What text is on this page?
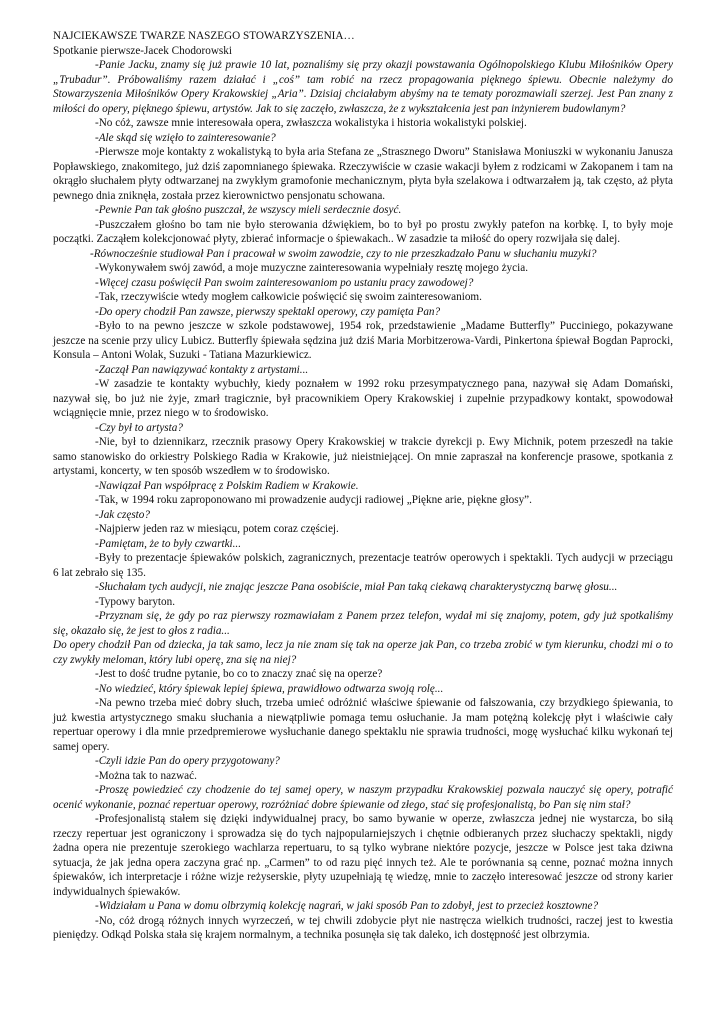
NAJCIEKAWSZE TWARZE NASZEGO STOWARZYSZENIA…

Spotkanie pierwsze-Jacek Chodorowski

-Panie Jacku, znamy się już prawie 10 lat, poznaliśmy się przy okazji powstawania Ogólnopolskiego Klubu Miłośników Opery „Trubadur”. Próbowaliśmy razem działać i „coś” tam robić na rzecz propagowania pięknego śpiewu. Obecnie należymy do Stowarzyszenia Miłośników Opery Krakowskiej „Aria”. Dzisiaj chciałabym abyśmy na te tematy porozmawiali szerzej. Jest Pan znany z miłości do opery, pięknego śpiewu, artystów. Jak to się zaczęło, zwłaszcza, że z wykształcenia jest pan inżynierem budowlanym?

-No cóż, zawsze mnie interesowała opera, zwłaszcza wokalistyka i historia wokalistyki polskiej.

-Ale skąd się wzięło to zainteresowanie?

-Pierwsze moje kontakty z wokalistyką to była aria Stefana ze „Strasznego Dworu” Stanisława Moniuszki w wykonaniu Janusza Popławskiego, znakomitego, już dziś zapomnianego śpiewaka. Rzeczywiście w czasie wakacji byłem z rodzicami w Zakopanem i tam na okrągło słuchałem płyty odtwarzanej na zwykłym gramofonie mechanicznym, płyta była szelakowa i odtwarzałem ją, tak często, aż płyta pewnego dnia zniknęła, została przez kierownictwo pensjonatu schowana.

-Pewnie Pan tak głośno puszczał, że wszyscy mieli serdecznie dosyć.

-Puszczałem głośno bo tam nie było sterowania dźwiękiem, bo to był po prostu zwykły patefon na korbkę. I, to były moje początki. Zacząłem kolekcjonować płyty, zbierać informacje o śpiewakach.. W zasadzie ta miłość do opery rozwijała się dalej.

-Równocześnie studiował Pan i pracował w swoim zawodzie, czy to nie przeszkadzało Panu w słuchaniu muzyki?

-Wykonywałem swój zawód, a moje muzyczne zainteresowania wypełniały resztę mojego życia.

-Więcej czasu poświęcił Pan swoim zainteresowaniom po ustaniu pracy zawodowej?

-Tak, rzeczywiście wtedy mogłem całkowicie poświęcić się swoim zainteresowaniom.

-Do opery chodził Pan zawsze, pierwszy spektakl operowy, czy pamięta Pan?

-Było to na pewno jeszcze w szkole podstawowej, 1954 rok, przedstawienie „Madame Butterfly” Pucciniego, pokazywane jeszcze na scenie przy ulicy Lubicz. Butterfly śpiewała sędzina już dziś Maria Morbitzerowa-Vardi, Pinkertona śpiewał Bogdan Paprocki, Konsula – Antoni Wolak, Suzuki - Tatiana Mazurkiewicz.

-Zaczął Pan nawiązywać kontakty z artystami...

-W zasadzie te kontakty wybuchły, kiedy poznałem w 1992 roku przesympatycznego pana, nazywał się Adam Domański, nazywał się, bo już nie żyje, zmarł tragicznie, był pracownikiem Opery Krakowskiej i zupełnie przypadkowy kontakt, spowodował wciągnięcie mnie, przez niego w to środowisko.

-Czy był to artysta?

-Nie, był to dziennikarz, rzecznik prasowy Opery Krakowskiej w trakcie dyrekcji p. Ewy Michnik, potem przeszedł na takie samo stanowisko do orkiestry Polskiego Radia w Krakowie, już nieistniejącej. On mnie zapraszał na konferencje prasowe, spotkania z artystami, koncerty, w ten sposób wszedłem w to środowisko.

-Nawiązał Pan współpracę z Polskim Radiem w Krakowie.

-Tak, w 1994 roku zaproponowano mi prowadzenie audycji radiowej „Piękne arie, piękne głosy”.

-Jak często?

-Najpierw jeden raz w miesiącu, potem coraz częściej.

-Pamiętam, że to były czwartki...

-Były to prezentacje śpiewaków polskich, zagranicznych, prezentacje teatrów operowych i spektakli. Tych audycji w przeciągu 6 lat zebrało się 135.

-Słuchałam tych audycji, nie znając jeszcze Pana osobiście, miał Pan taką ciekawą charakterystyczną barwę głosu...

-Typowy baryton.

-Przyznam się, że gdy po raz pierwszy rozmawiałam z Panem przez telefon, wydał mi się znajomy, potem, gdy już spotkaliśmy się, okazało się, że jest to głos z radia...

Do opery chodził Pan od dziecka, ja tak samo, lecz ja nie znam się tak na operze jak Pan, co trzeba zrobić w tym kierunku, chodzi mi o to czy zwykły meloman, który lubi operę, zna się na niej?

-Jest to dość trudne pytanie, bo co to znaczy znać się na operze?

-No wiedzieć, który śpiewak lepiej śpiewa, prawidłowo odtwarza swoją rolę...

-Na pewno trzeba mieć dobry słuch, trzeba umieć odróżnić właściwe śpiewanie od fałszowania, czy brzydkiego śpiewania, to już kwestia artystycznego smaku słuchania a niewątpliwie pomaga temu osłuchanie. Ja mam potężną kolekcję płyt i właściwie cały repertuar operowy i dla mnie przedpremierowe wysłuchanie danego spektaklu nie sprawia trudności, mogę wysłuchać kilku wykonań tej samej opery.

-Czyli idzie Pan do opery przygotowany?

-Można tak to nazwać.

-Proszę powiedzieć czy chodzenie do tej samej opery, w naszym przypadku Krakowskiej pozwala nauczyć się opery, potrafić ocenić wykonanie, poznać repertuar operowy, rozróżniać dobre śpiewanie od złego, stać się profesjonalistą, bo Pan się nim stał?

-Profesjonalistą stałem się dzięki indywidualnej pracy, bo samo bywanie w operze, zwłaszcza jednej nie wystarcza, bo siłą rzeczy repertuar jest ograniczony i sprowadza się do tych najpopularniejszych i chętnie odbieranych przez słuchaczy spektakli, nigdy żadna opera nie prezentuje szerokiego wachlarza repertuaru, to są tylko wybrane niektóre pozycje, jeszcze w Polsce jest taka dziwna sytuacja, że jak jedna opera zaczyna grać np. „Carmen” to od razu pięć innych też. Ale te porównania są cenne, poznać można innych śpiewaków, ich interpretacje i różne wizje reżyserskie, płyty uzupełniają tę wiedzę, mnie to zaczęło interesować jeszcze od strony karier indywidualnych śpiewaków.

-Widziałam u Pana w domu olbrzymią kolekcję nagrań, w jaki sposób Pan to zdobył, jest to przecież kosztowne?

-No, cóż drogą różnych innych wyrzeczeń, w tej chwili zdobycie płyt nie nastręcza wielkich trudności, raczej jest to kwestia pieniędzy. Odkąd Polska stała się krajem normalnym, a technika posunęła się tak daleko, ich dostępność jest olbrzymia.
